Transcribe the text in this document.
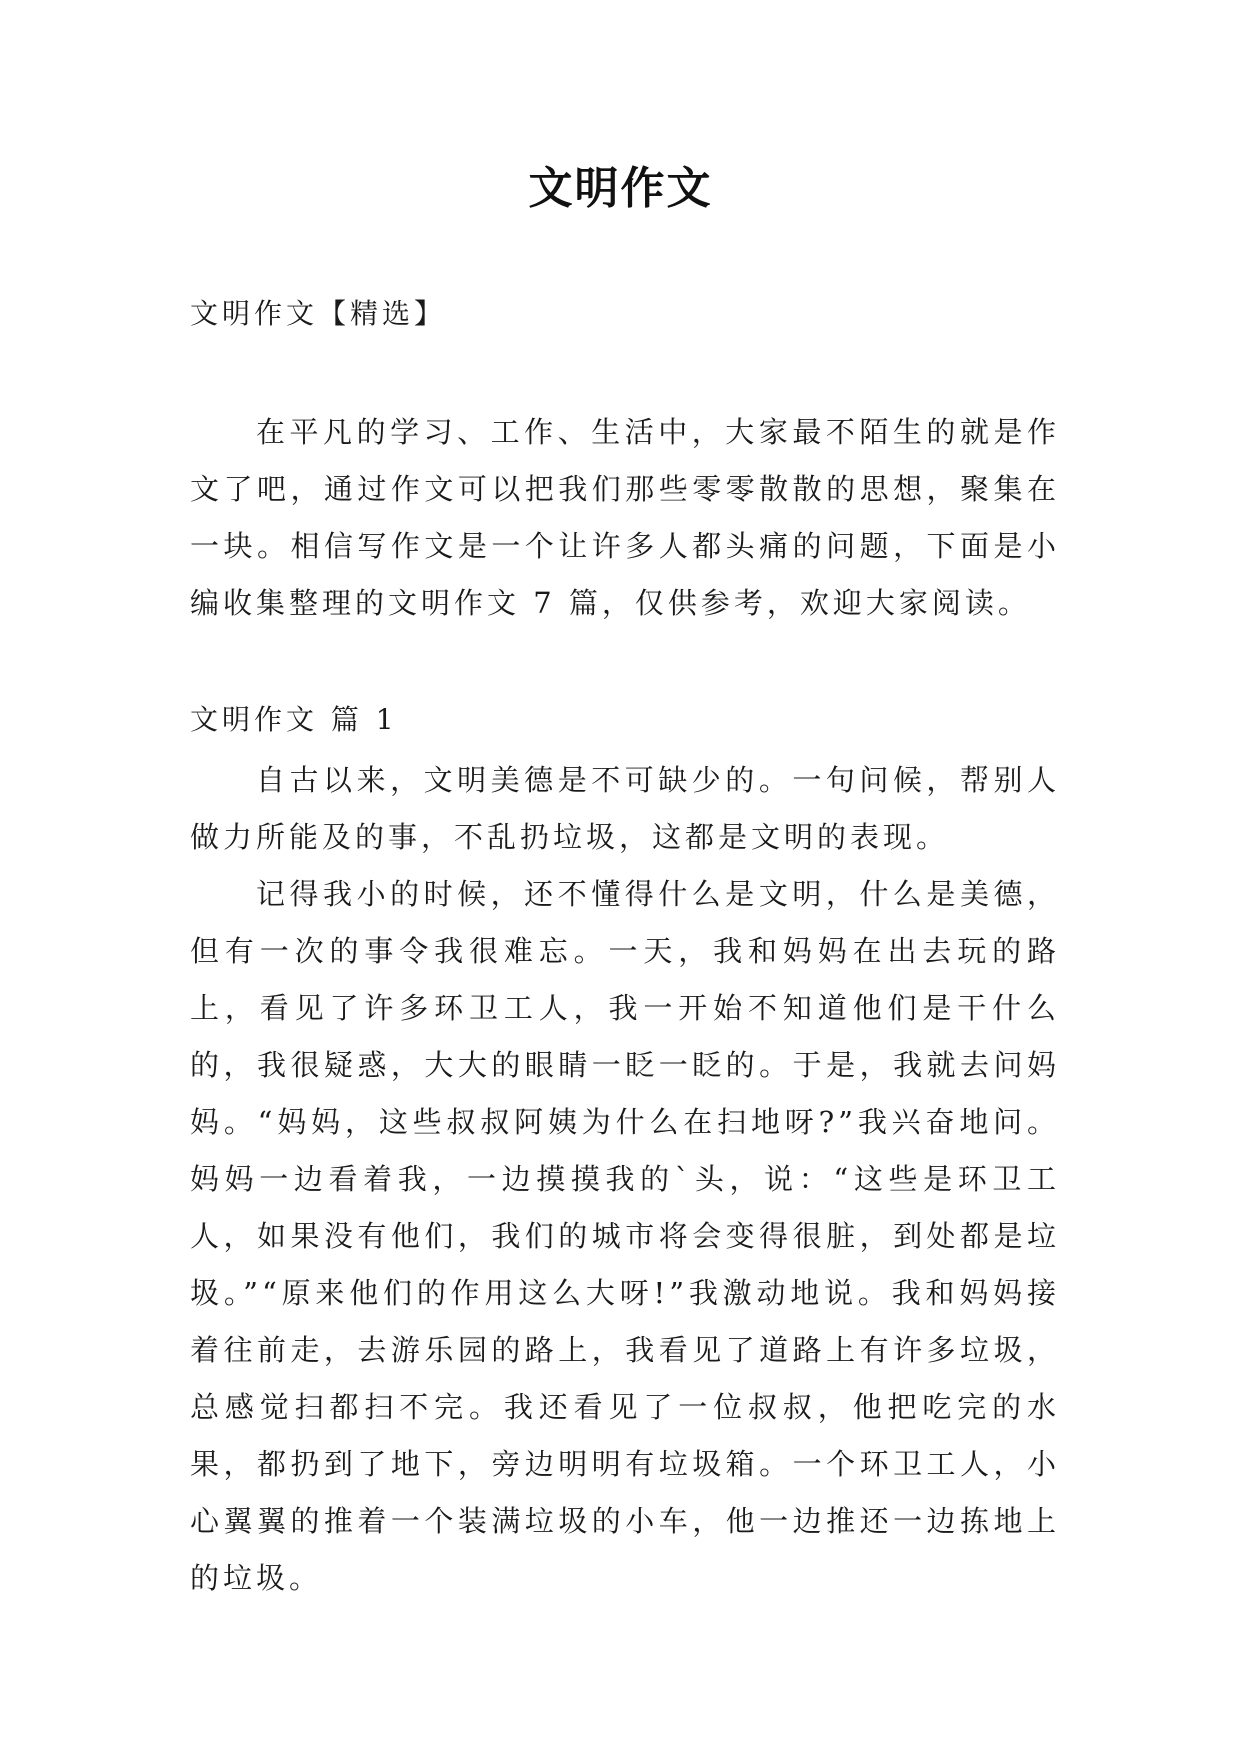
文明作文

文明作文【精选】

在平凡的学习、工作、生活中，大家最不陌生的就是作文了吧，通过作文可以把我们那些零零散散的思想，聚集在一块。相信写作文是一个让许多人都头痛的问题，下面是小编收集整理的文明作文 7 篇，仅供参考，欢迎大家阅读。

文明作文 篇 1

自古以来，文明美德是不可缺少的。一句问候，帮别人做力所能及的事，不乱扔垃圾，这都是文明的表现。

记得我小的时候，还不懂得什么是文明，什么是美德，但有一次的事令我很难忘。一天，我和妈妈在出去玩的路上，看见了许多环卫工人，我一开始不知道他们是干什么的，我很疑惑，大大的眼睛一眨一眨的。于是，我就去问妈妈。“妈妈，这些叔叔阿姨为什么在扫地呀?”我兴奋地问。妈妈一边看着我，一边摸摸我的`头，说：“这些是环卫工人，如果没有他们，我们的城市将会变得很脏，到处都是垃圾。”“原来他们的作用这么大呀!”我激动地说。我和妈妈接着往前走，去游乐园的路上，我看见了道路上有许多垃圾，总感觉扫都扫不完。我还看见了一位叔叔，他把吃完的水果，都扔到了地下，旁边明明有垃圾箱。一个环卫工人，小心翼翼的推着一个装满垃圾的小车，他一边推还一边拣地上的垃圾。
